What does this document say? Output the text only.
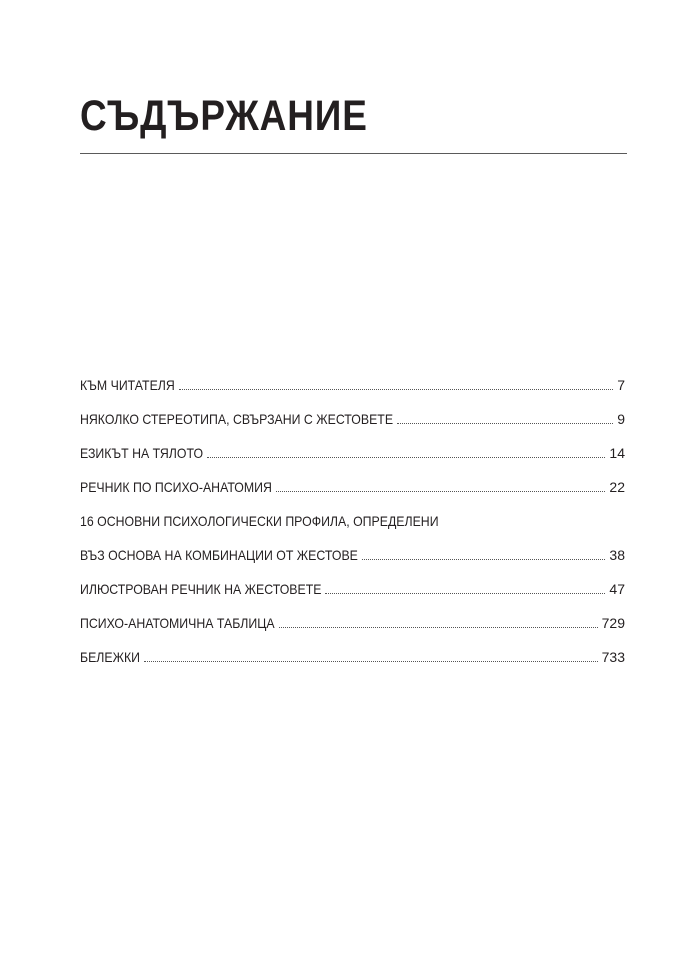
СЪДЪРЖАНИЕ
КЪМ ЧИТАТЕЛЯ	7
НЯКОЛКО СТЕРЕОТИПА, СВЪРЗАНИ С ЖЕСТОВЕТЕ	9
ЕЗИКЪТ НА ТЯЛОТО	14
РЕЧНИК ПО ПСИХО-АНАТОМИЯ	22
16 ОСНОВНИ ПСИХОЛОГИЧЕСКИ ПРОФИЛА, ОПРЕДЕЛЕНИ
ВЪЗ ОСНОВА НА КОМБИНАЦИИ ОТ ЖЕСТОВЕ	38
ИЛЮСТРОВАН РЕЧНИК НА ЖЕСТОВЕТЕ	47
ПСИХО-АНАТОМИЧНА ТАБЛИЦА	729
БЕЛЕЖКИ	733
